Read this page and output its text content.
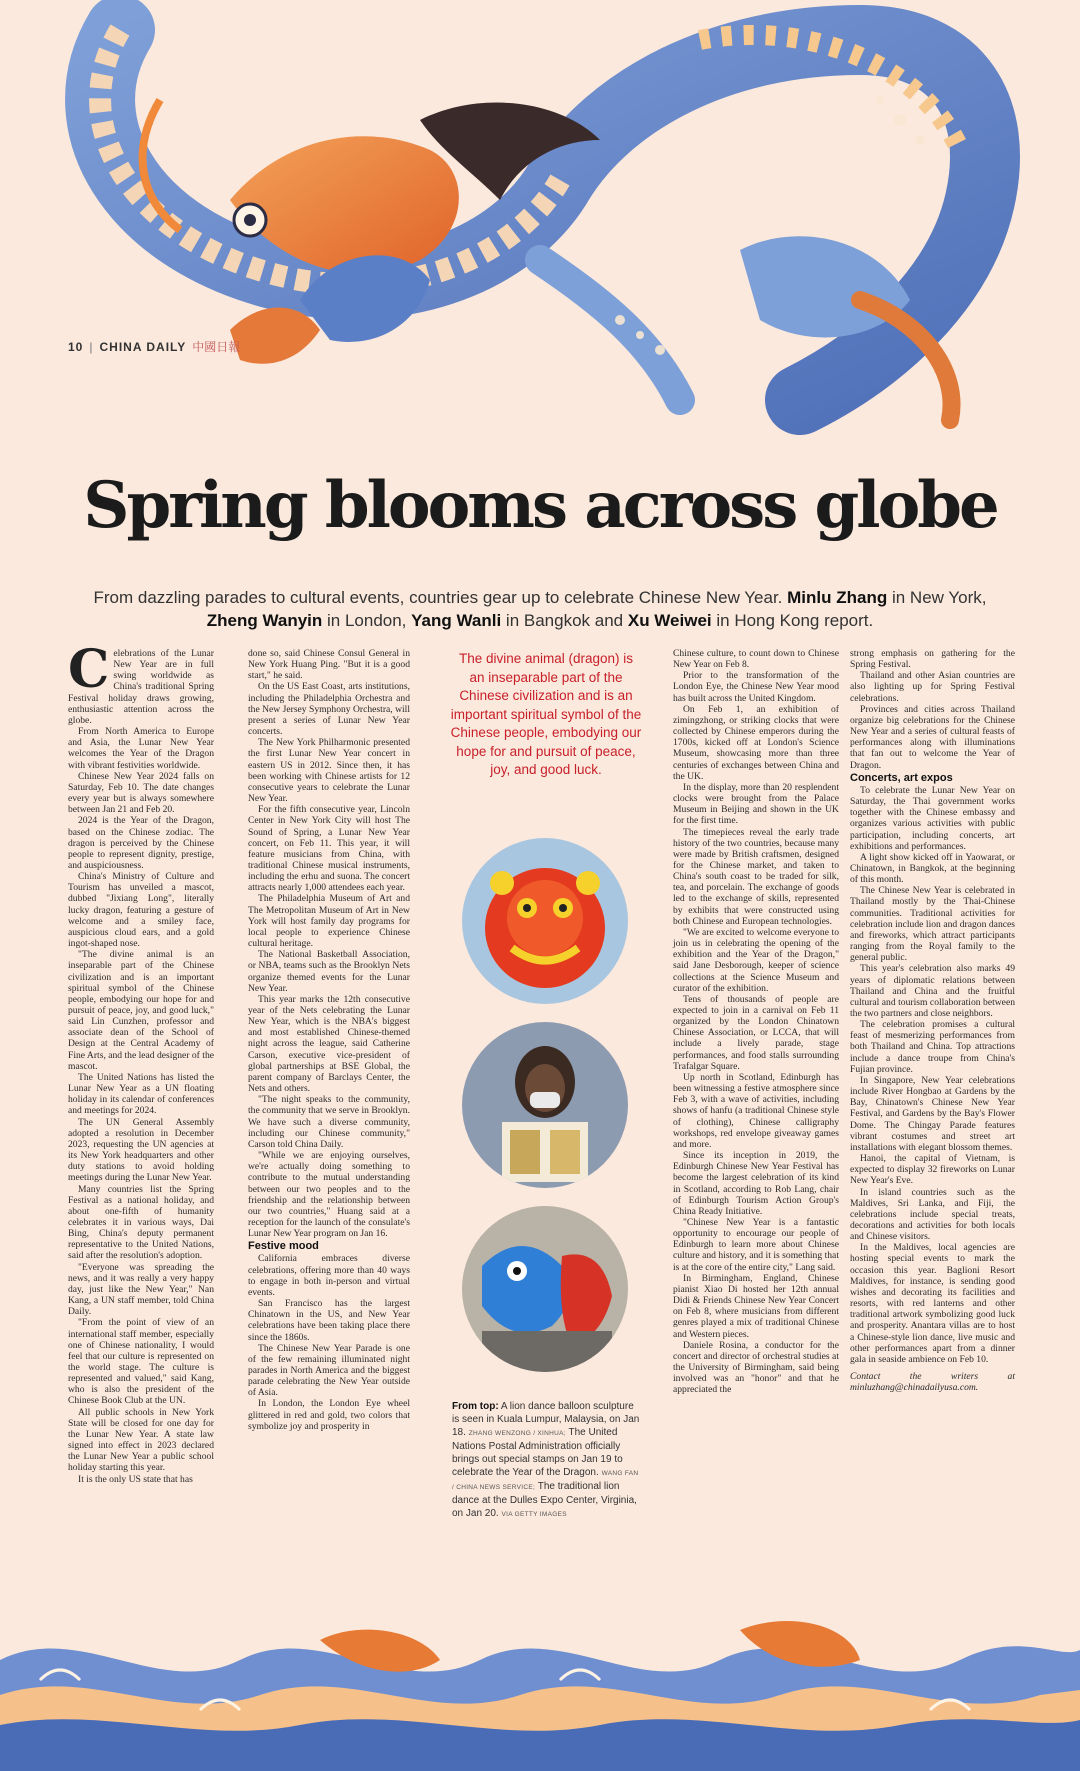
10 | CHINA DAILY 中國日報
Spring blooms across globe

From dazzling parades to cultural events, countries gear up to celebrate Chinese New Year. Minlu Zhang in New York, Zheng Wanyin in London, Yang Wanli in Bangkok and Xu Weiwei in Hong Kong report.

C elebrations of the Lunar New Year are in full swing worldwide as China's traditional Spring Festival holiday draws growing, enthusiastic attention across the globe.

From North America to Europe and Asia, the Lunar New Year welcomes the Year of the Dragon with vibrant festivities worldwide.

Chinese New Year 2024 falls on Saturday, Feb 10. The date changes every year but is always somewhere between Jan 21 and Feb 20.

2024 is the Year of the Dragon, based on the Chinese zodiac. The dragon is perceived by the Chinese people to represent dignity, prestige, and auspiciousness.

China's Ministry of Culture and Tourism has unveiled a mascot, dubbed "Jixiang Long", literally lucky dragon, featuring a gesture of welcome and a smiley face, auspicious cloud ears, and a gold ingot-shaped nose.

"The divine animal is an inseparable part of the Chinese civilization and is an important spiritual symbol of the Chinese people, embodying our hope for and pursuit of peace, joy, and good luck," said Lin Cunzhen, professor and associate dean of the School of Design at the Central Academy of Fine Arts, and the lead designer of the mascot.

The United Nations has listed the Lunar New Year as a UN floating holiday in its calendar of conferences and meetings for 2024.

The UN General Assembly adopted a resolution in December 2023, requesting the UN agencies at its New York headquarters and other duty stations to avoid holding meetings during the Lunar New Year.

Many countries list the Spring Festival as a national holiday, and about one-fifth of humanity celebrates it in various ways, Dai Bing, China's deputy permanent representative to the United Nations, said after the resolution's adoption.

"Everyone was spreading the news, and it was really a very happy day, just like the New Year," Nan Kang, a UN staff member, told China Daily.

"From the point of view of an international staff member, especially one of Chinese nationality, I would feel that our culture is represented on the world stage. The culture is represented and valued," said Kang, who is also the president of the Chinese Book Club at the UN.

All public schools in New York State will be closed for one day for the Lunar New Year. A state law signed into effect in 2023 declared the Lunar New Year a public school holiday starting this year.

It is the only US state that has

done so, said Chinese Consul General in New York Huang Ping. "But it is a good start," he said.

On the US East Coast, arts institutions, including the Philadelphia Orchestra and the New Jersey Symphony Orchestra, will present a series of Lunar New Year concerts.

The New York Philharmonic presented the first Lunar New Year concert in eastern US in 2012. Since then, it has been working with Chinese artists for 12 consecutive years to celebrate the Lunar New Year.

For the fifth consecutive year, Lincoln Center in New York City will host The Sound of Spring, a Lunar New Year concert, on Feb 11. This year, it will feature musicians from China, with traditional Chinese musical instruments, including the erhu and suona. The concert attracts nearly 1,000 attendees each year.

The Philadelphia Museum of Art and The Metropolitan Museum of Art in New York will host family day programs for local people to experience Chinese cultural heritage.

The National Basketball Association, or NBA, teams such as the Brooklyn Nets organize themed events for the Lunar New Year.

This year marks the 12th consecutive year of the Nets celebrating the Lunar New Year, which is the NBA's biggest and most established Chinese-themed night across the league, said Catherine Carson, executive vice-president of global partnerships at BSE Global, the parent company of Barclays Center, the Nets and others.

"The night speaks to the community, the community that we serve in Brooklyn. We have such a diverse community, including our Chinese community," Carson told China Daily.

"While we are enjoying ourselves, we're actually doing something to contribute to the mutual understanding between our two peoples and to the friendship and the relationship between our two countries," Huang said at a reception for the launch of the consulate's Lunar New Year program on Jan 16.

Festive mood

California embraces diverse celebrations, offering more than 40 ways to engage in both in-person and virtual events.

San Francisco has the largest Chinatown in the US, and New Year celebrations have been taking place there since the 1860s.

The Chinese New Year Parade is one of the few remaining illuminated night parades in North America and the biggest parade celebrating the New Year outside of Asia.

In London, the London Eye wheel glittered in red and gold, two colors that symbolize joy and prosperity in

The divine animal (dragon) is an inseparable part of the Chinese civilization and is an important spiritual symbol of the Chinese people, embodying our hope for and pursuit of peace, joy, and good luck.

From top: A lion dance balloon sculpture is seen in Kuala Lumpur, Malaysia, on Jan 18. ZHANG WENZONG / XINHUA; The United Nations Postal Administration officially brings out special stamps on Jan 19 to celebrate the Year of the Dragon. WANG FAN / CHINA NEWS SERVICE; The traditional lion dance at the Dulles Expo Center, Virginia, on Jan 20. VIA GETTY IMAGES

Chinese culture, to count down to Chinese New Year on Feb 8.

Prior to the transformation of the London Eye, the Chinese New Year mood has built across the United Kingdom.

On Feb 1, an exhibition of zimingzhong, or striking clocks that were collected by Chinese emperors during the 1700s, kicked off at London's Science Museum, showcasing more than three centuries of exchanges between China and the UK.

In the display, more than 20 resplendent clocks were brought from the Palace Museum in Beijing and shown in the UK for the first time.

The timepieces reveal the early trade history of the two countries, because many were made by British craftsmen, designed for the Chinese market, and taken to China's south coast to be traded for silk, tea, and porcelain. The exchange of goods led to the exchange of skills, represented by exhibits that were constructed using both Chinese and European technologies.

"We are excited to welcome everyone to join us in celebrating the opening of the exhibition and the Year of the Dragon," said Jane Desborough, keeper of science collections at the Science Museum and curator of the exhibition.

Tens of thousands of people are expected to join in a carnival on Feb 11 organized by the London Chinatown Chinese Association, or LCCA, that will include a lively parade, stage performances, and food stalls surrounding Trafalgar Square.

Up north in Scotland, Edinburgh has been witnessing a festive atmosphere since Feb 3, with a wave of activities, including shows of hanfu (a traditional Chinese style of clothing), Chinese calligraphy workshops, red envelope giveaway games and more.

Since its inception in 2019, the Edinburgh Chinese New Year Festival has become the largest celebration of its kind in Scotland, according to Rob Lang, chair of Edinburgh Tourism Action Group's China Ready Initiative.

"Chinese New Year is a fantastic opportunity to encourage our people of Edinburgh to learn more about Chinese culture and history, and it is something that is at the core of the entire city," Lang said.

In Birmingham, England, Chinese pianist Xiao Di hosted her 12th annual Didi & Friends Chinese New Year Concert on Feb 8, where musicians from different genres played a mix of traditional Chinese and Western pieces.

Daniele Rosina, a conductor for the concert and director of orchestral studies at the University of Birmingham, said being involved was an "honor" and that he appreciated the

strong emphasis on gathering for the Spring Festival.

Thailand and other Asian countries are also lighting up for Spring Festival celebrations.

Provinces and cities across Thailand organize big celebrations for the Chinese New Year and a series of cultural feasts of performances along with illuminations that fan out to welcome the Year of Dragon.

Concerts, art expos

To celebrate the Lunar New Year on Saturday, the Thai government works together with the Chinese embassy and organizes various activities with public participation, including concerts, art exhibitions and performances.

A light show kicked off in Yaowarat, or Chinatown, in Bangkok, at the beginning of this month.

The Chinese New Year is celebrated in Thailand mostly by the Thai-Chinese communities. Traditional activities for celebration include lion and dragon dances and fireworks, which attract participants ranging from the Royal family to the general public.

This year's celebration also marks 49 years of diplomatic relations between Thailand and China and the fruitful cultural and tourism collaboration between the two partners and close neighbors.

The celebration promises a cultural feast of mesmerizing performances from both Thailand and China. Top attractions include a dance troupe from China's Fujian province.

In Singapore, New Year celebrations include River Hongbao at Gardens by the Bay, Chinatown's Chinese New Year Festival, and Gardens by the Bay's Flower Dome. The Chingay Parade features vibrant costumes and street art installations with elegant blossom themes.

Hanoi, the capital of Vietnam, is expected to display 32 fireworks on Lunar New Year's Eve.

In island countries such as the Maldives, Sri Lanka, and Fiji, the celebrations include special treats, decorations and activities for both locals and Chinese visitors.

In the Maldives, local agencies are hosting special events to mark the occasion this year. Baglioni Resort Maldives, for instance, is sending good wishes and decorating its facilities and resorts, with red lanterns and other traditional artwork symbolizing good luck and prosperity. Anantara villas are to host a Chinese-style lion dance, live music and other performances apart from a dinner gala in seaside ambience on Feb 10.

Contact the writers at minluzhang@chinadailyusa.com.
